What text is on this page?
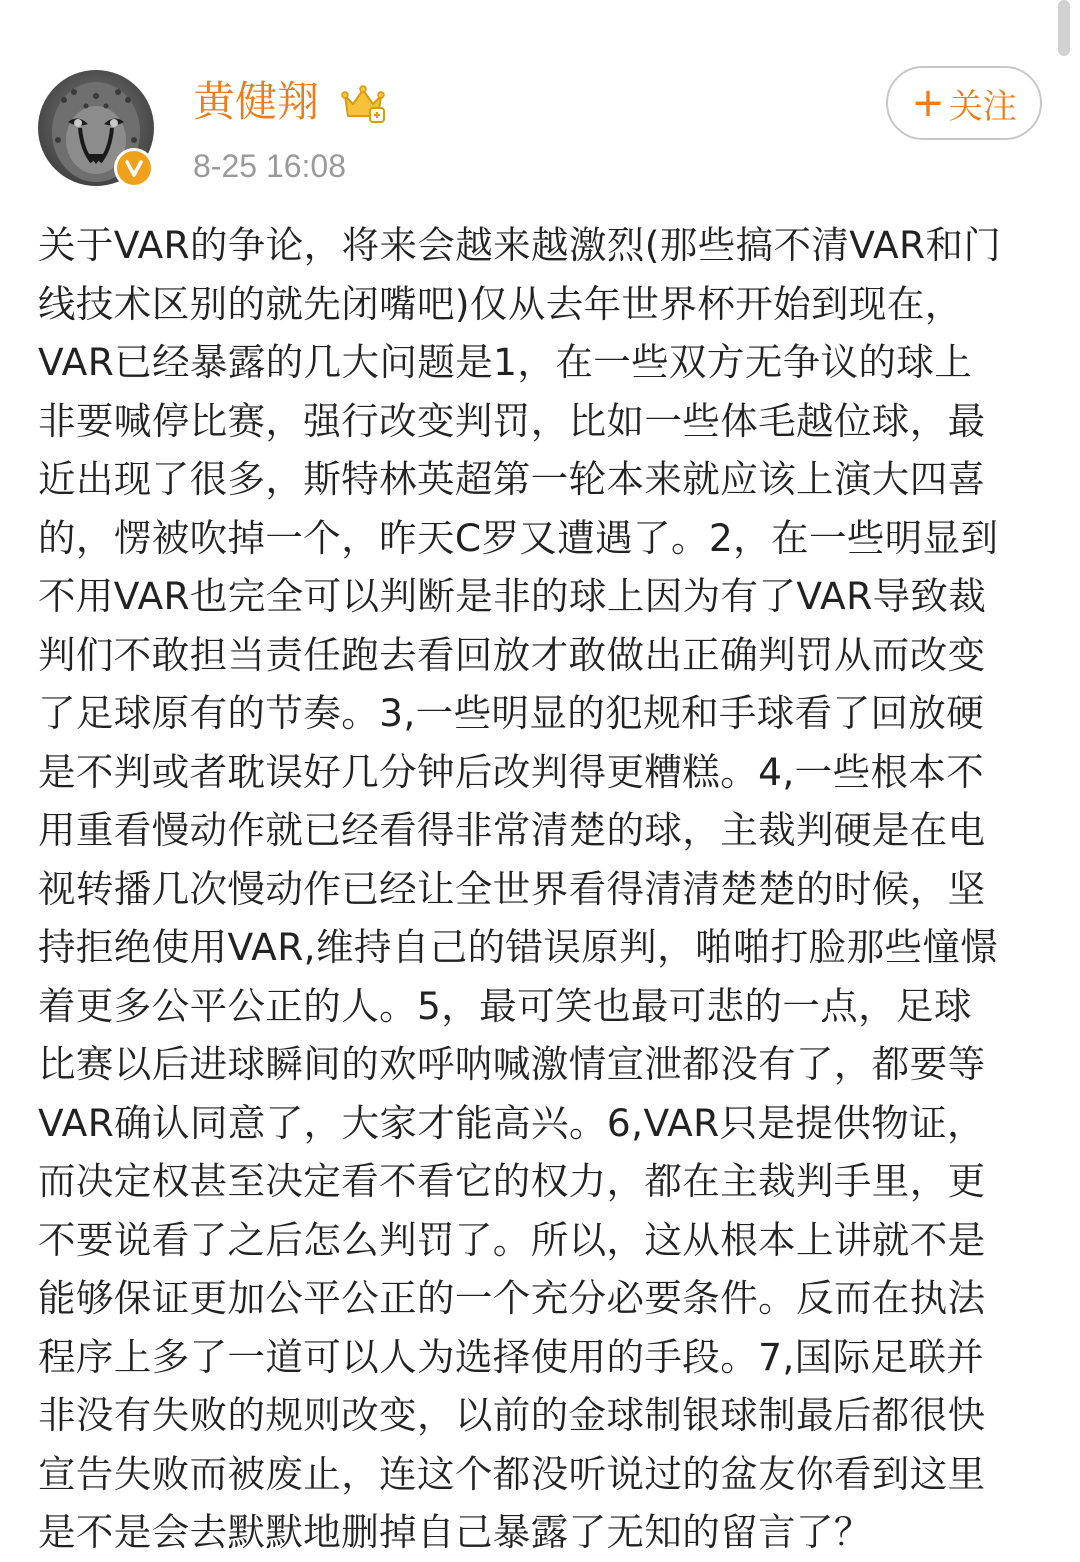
黄健翔
8-25 16:08
+ 关注
关于VAR的争论，将来会越来越激烈(那些搞不清VAR和门
线技术区别的就先闭嘴吧)仅从去年世界杯开始到现在，
VAR已经暴露的几大问题是1，在一些双方无争议的球上
非要喊停比赛，强行改变判罚，比如一些体毛越位球，最
近出现了很多，斯特林英超第一轮本来就应该上演大四喜
的，愣被吹掉一个，昨天C罗又遭遇了。2，在一些明显到
不用VAR也完全可以判断是非的球上因为有了VAR导致裁
判们不敢担当责任跑去看回放才敢做出正确判罚从而改变
了足球原有的节奏。3,一些明显的犯规和手球看了回放硬
是不判或者耽误好几分钟后改判得更糟糕。4,一些根本不
用重看慢动作就已经看得非常清楚的球，主裁判硬是在电
视转播几次慢动作已经让全世界看得清清楚楚的时候，坚
持拒绝使用VAR,维持自己的错误原判，啪啪打脸那些憧憬
着更多公平公正的人。5，最可笑也最可悲的一点，足球
比赛以后进球瞬间的欢呼呐喊激情宣泄都没有了，都要等
VAR确认同意了，大家才能高兴。6,VAR只是提供物证，
而决定权甚至决定看不看它的权力，都在主裁判手里，更
不要说看了之后怎么判罚了。所以，这从根本上讲就不是
能够保证更加公平公正的一个充分必要条件。反而在执法
程序上多了一道可以人为选择使用的手段。7,国际足联并
非没有失败的规则改变，以前的金球制银球制最后都很快
宣告失败而被废止，连这个都没听说过的盆友你看到这里
是不是会去默默地删掉自己暴露了无知的留言了？
